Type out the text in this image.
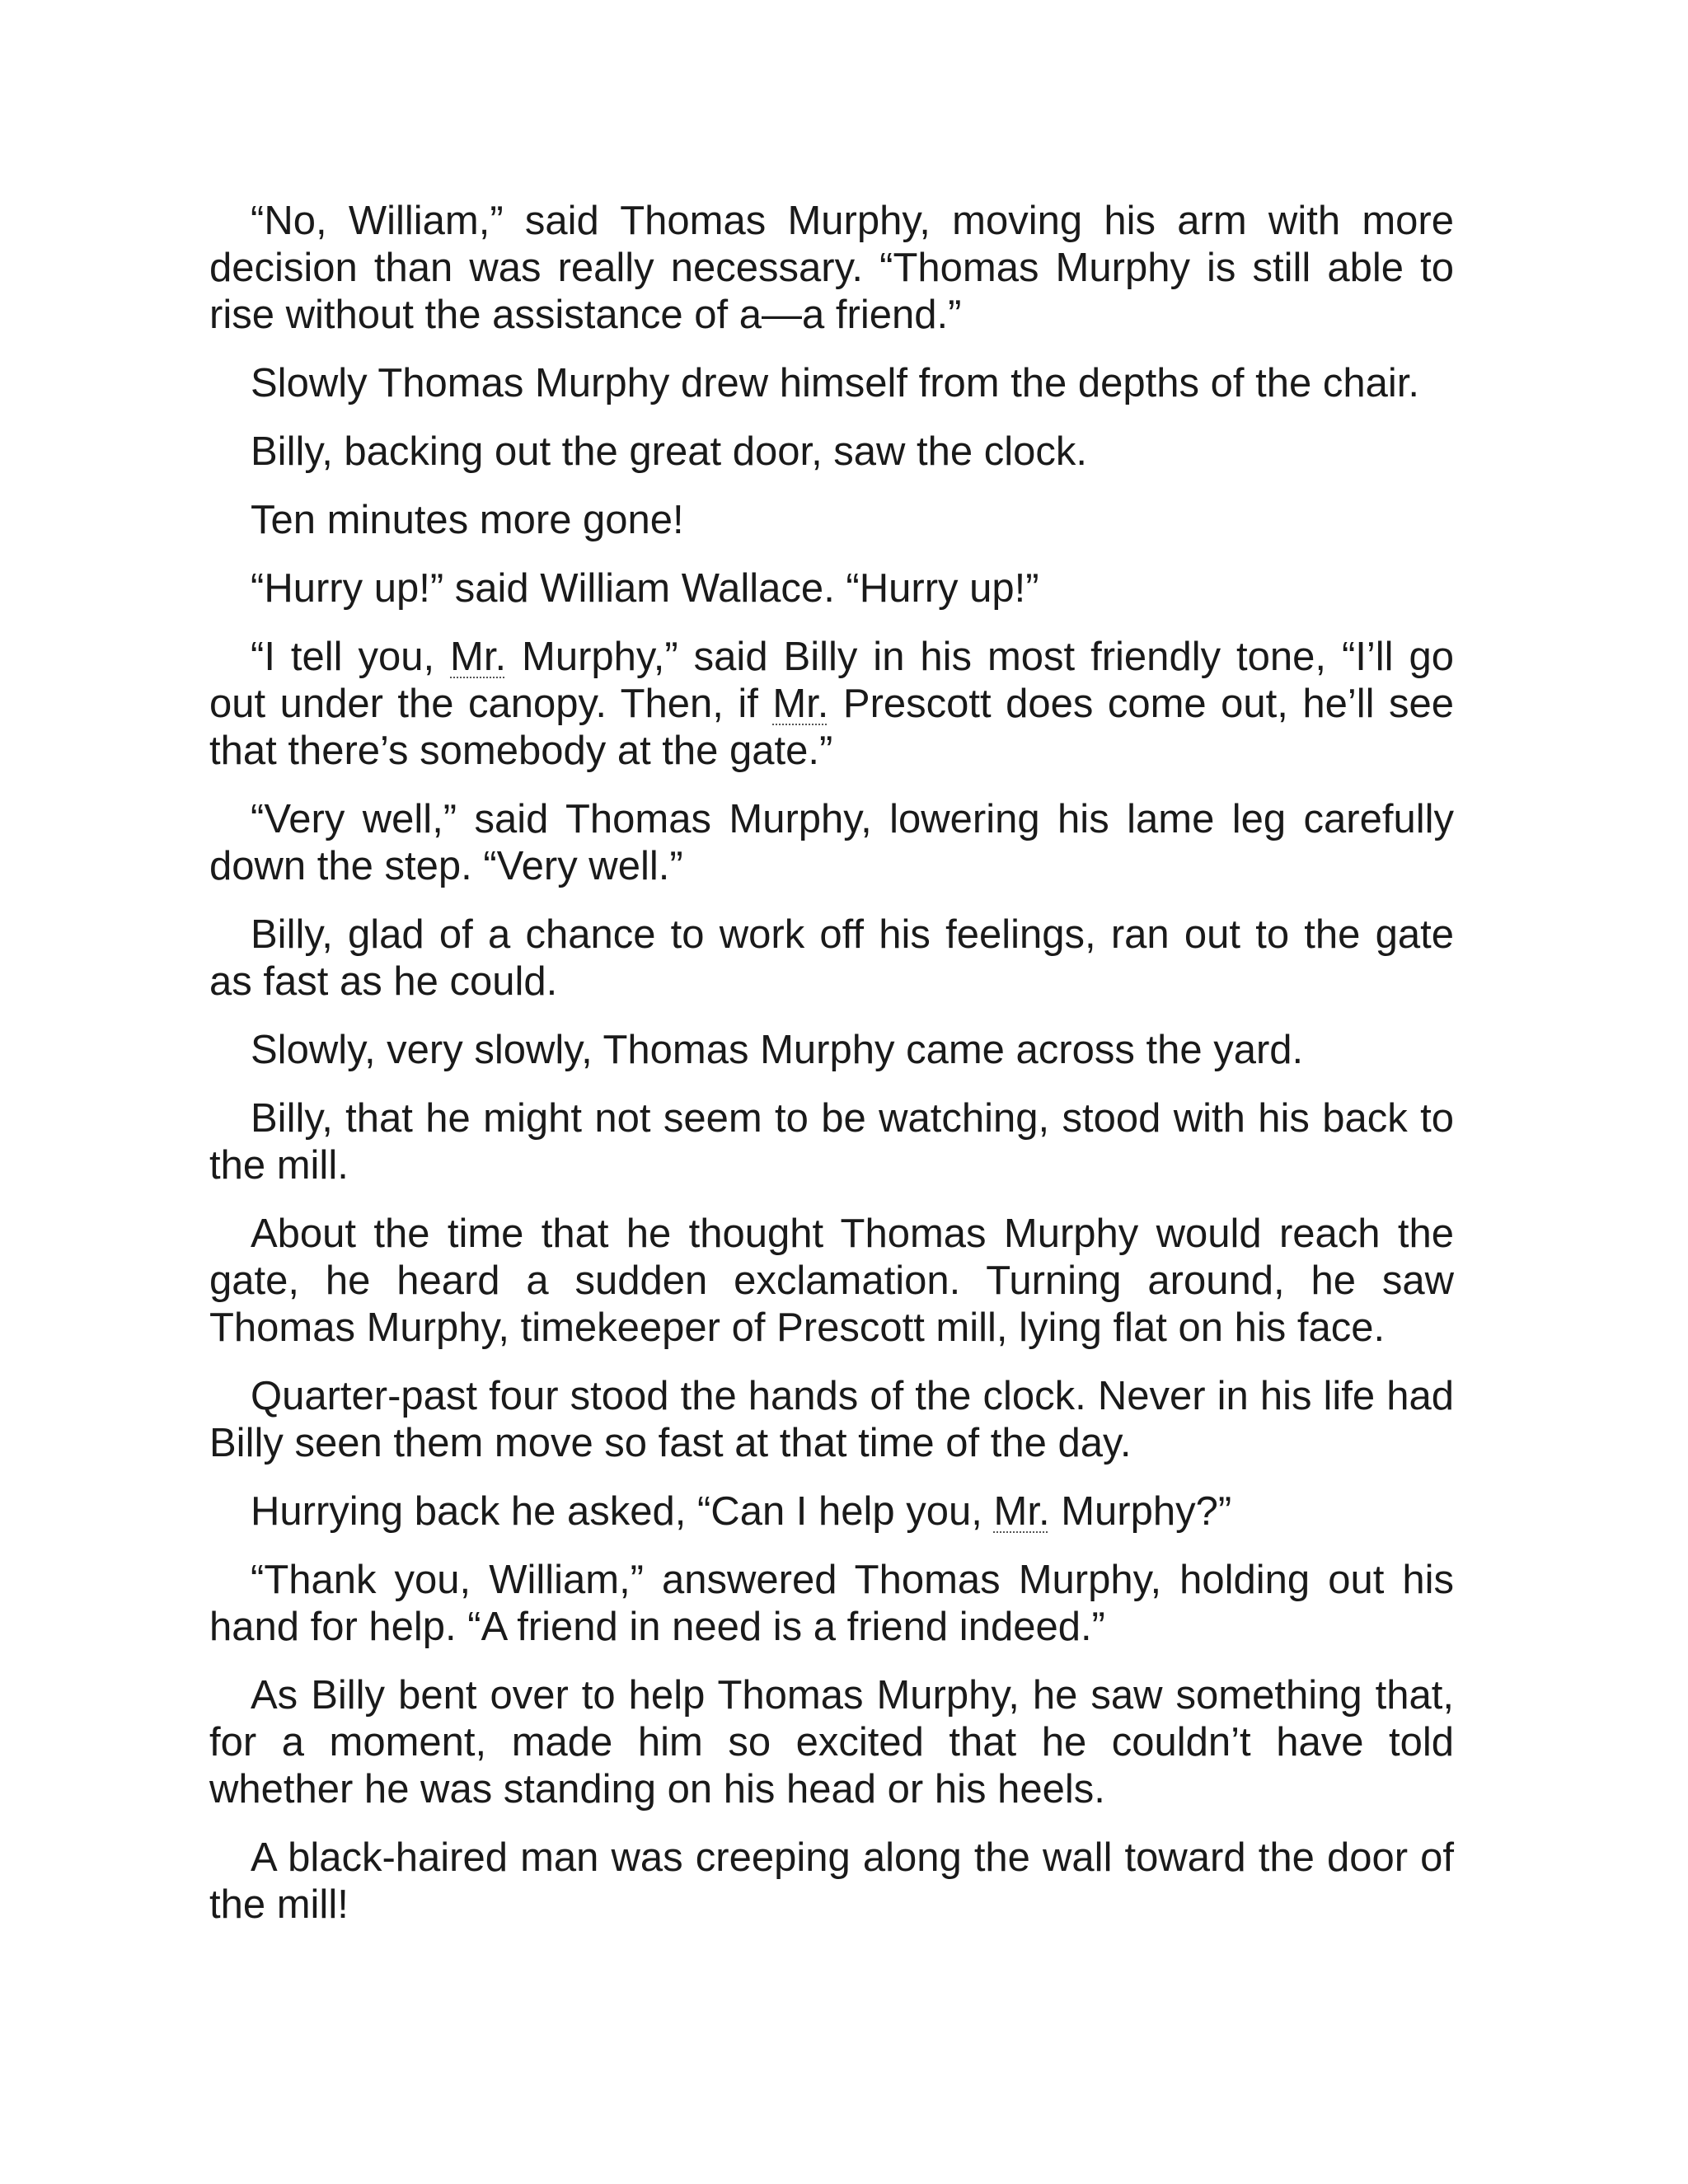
“No, William,” said Thomas Murphy, moving his arm with more decision than was really necessary. “Thomas Murphy is still able to rise without the assistance of a—a friend.”

Slowly Thomas Murphy drew himself from the depths of the chair.

Billy, backing out the great door, saw the clock.

Ten minutes more gone!

“Hurry up!” said William Wallace. “Hurry up!”

“I tell you, Mr. Murphy,” said Billy in his most friendly tone, “I’ll go out under the canopy. Then, if Mr. Prescott does come out, he’ll see that there’s somebody at the gate.”

“Very well,” said Thomas Murphy, lowering his lame leg carefully down the step. “Very well.”

Billy, glad of a chance to work off his feelings, ran out to the gate as fast as he could.

Slowly, very slowly, Thomas Murphy came across the yard.

Billy, that he might not seem to be watching, stood with his back to the mill.

About the time that he thought Thomas Murphy would reach the gate, he heard a sudden exclamation. Turning around, he saw Thomas Murphy, timekeeper of Prescott mill, lying flat on his face.

Quarter-past four stood the hands of the clock. Never in his life had Billy seen them move so fast at that time of the day.

Hurrying back he asked, “Can I help you, Mr. Murphy?”

“Thank you, William,” answered Thomas Murphy, holding out his hand for help. “A friend in need is a friend indeed.”

As Billy bent over to help Thomas Murphy, he saw something that, for a moment, made him so excited that he couldn’t have told whether he was standing on his head or his heels.

A black-haired man was creeping along the wall toward the door of the mill!
